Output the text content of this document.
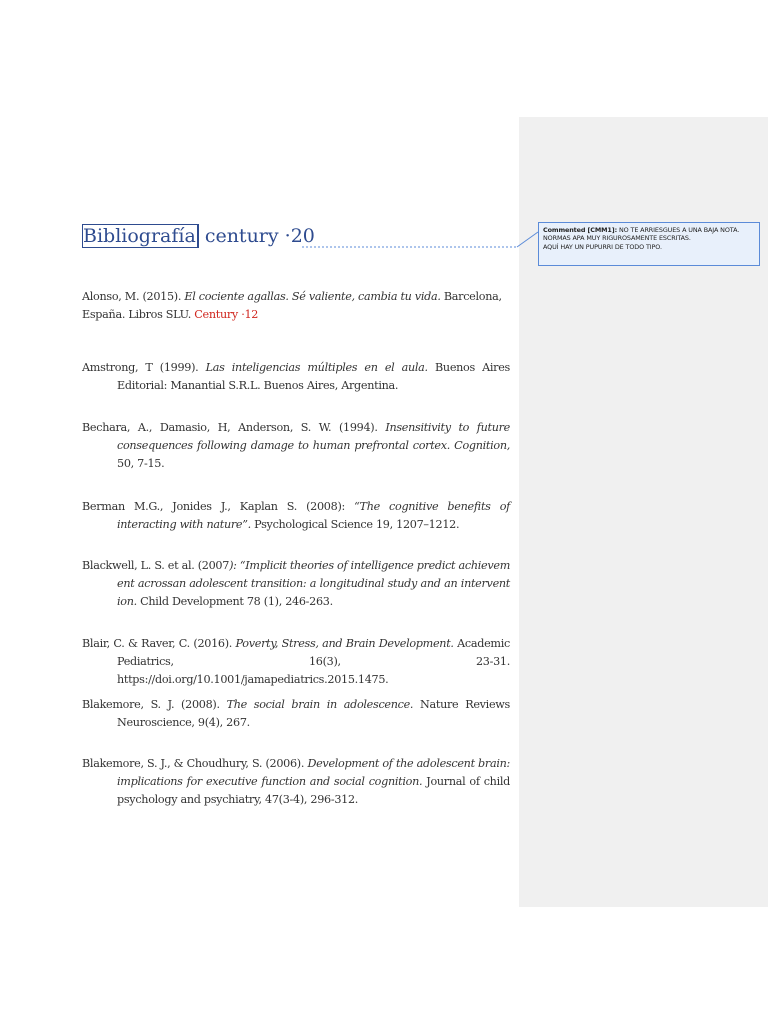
Bibliografía century ·20	Commented [CMM1]: NO TE ARRIESGUES A UNA BAJA NOTA. NORMAS APA MUY RIGUROSAMENTE ESCRITAS.
AQUÍ HAY UN PUPURRI DE TODO TIPO.

Alonso, M. (2015). El cociente agallas. Sé valiente, cambia tu vida. Barcelona, España. Libros SLU. Century ·12

Amstrong, T (1999). Las inteligencias múltiples en el aula. Buenos Aires Editorial: Manantial S.R.L. Buenos Aires, Argentina.

Bechara, A., Damasio, H, Anderson, S. W. (1994). Insensitivity to future consequences following damage to human prefrontal cortex. Cognition, 50, 7-15.

Berman M.G., Jonides J., Kaplan S. (2008): “The cognitive benefits of interacting with nature”. Psychological Science 19, 1207–1212.

Blackwell, L. S. et al. (2007): “Implicit theories of intelligence predict achievem ent acrossan adolescent transition: a longitudinal study and an intervent ion. Child Development 78 (1), 246-263.

Blair, C. & Raver, C. (2016). Poverty, Stress, and Brain Development. Academic Pediatrics, 16(3), 23-31. https://doi.org/10.1001/jamapediatrics.2015.1475.

Blakemore, S. J. (2008). The social brain in adolescence. Nature Reviews Neuroscience, 9(4), 267.

Blakemore, S. J., & Choudhury, S. (2006). Development of the adolescent brain: implications for executive function and social cognition. Journal of child psychology and psychiatry, 47(3-4), 296-312.
